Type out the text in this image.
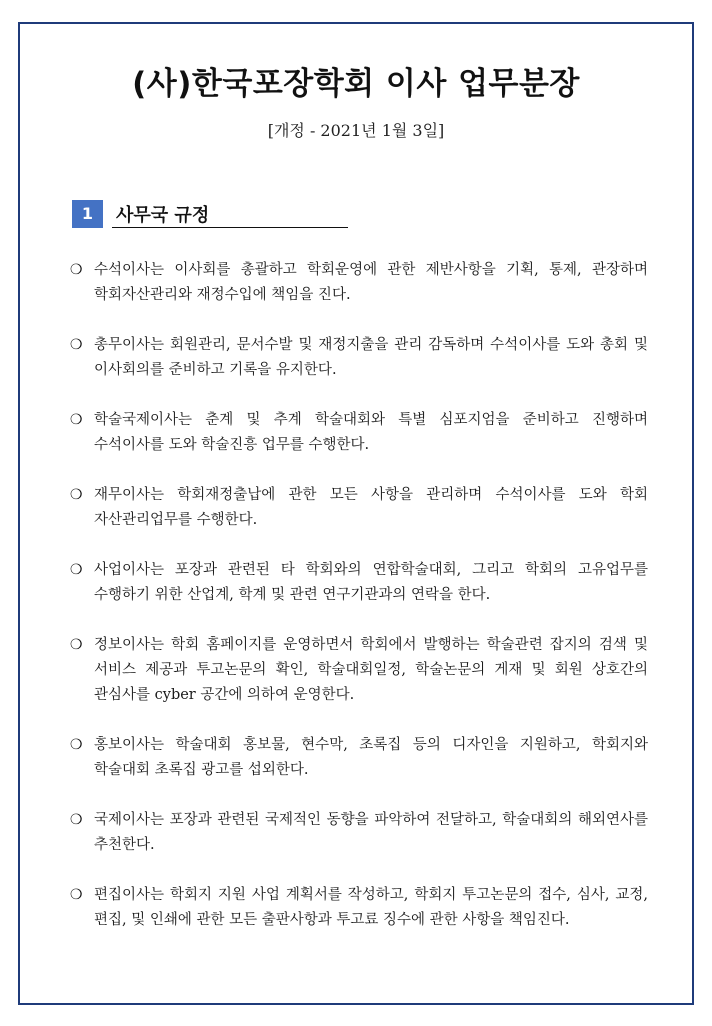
(사)한국포장학회 이사 업무분장
[개정 - 2021년 1월 3일]
1	사무국 규정
❍ 수석이사는 이사회를 총괄하고 학회운영에 관한 제반사항을 기획, 통제, 관장하며 학회자산관리와 재정수입에 책임을 진다.
❍ 총무이사는 회원관리, 문서수발 및 재정지출을 관리 감독하며 수석이사를 도와 총회 및 이사회의를 준비하고 기록을 유지한다.
❍ 학술국제이사는 춘계 및 추계 학술대회와 특별 심포지엄을 준비하고 진행하며 수석이사를 도와 학술진흥 업무를 수행한다.
❍ 재무이사는 학회재정출납에 관한 모든 사항을 관리하며 수석이사를 도와 학회 자산관리업무를 수행한다.
❍ 사업이사는 포장과 관련된 타 학회와의 연합학술대회, 그리고 학회의 고유업무를 수행하기 위한 산업계, 학계 및 관련 연구기관과의 연락을 한다.
❍ 정보이사는 학회 홈페이지를 운영하면서 학회에서 발행하는 학술관련 잡지의 검색 및 서비스 제공과 투고논문의 확인, 학술대회일정, 학술논문의 게재 및 회원 상호간의 관심사를 cyber 공간에 의하여 운영한다.
❍ 홍보이사는 학술대회 홍보물, 현수막, 초록집 등의 디자인을 지원하고, 학회지와 학술대회 초록집 광고를 섭외한다.
❍ 국제이사는 포장과 관련된 국제적인 동향을 파악하여 전달하고, 학술대회의 해외연사를 추천한다.
❍ 편집이사는 학회지 지원 사업 계획서를 작성하고, 학회지 투고논문의 접수, 심사, 교정, 편집, 및 인쇄에 관한 모든 출판사항과 투고료 징수에 관한 사항을 책임진다.
